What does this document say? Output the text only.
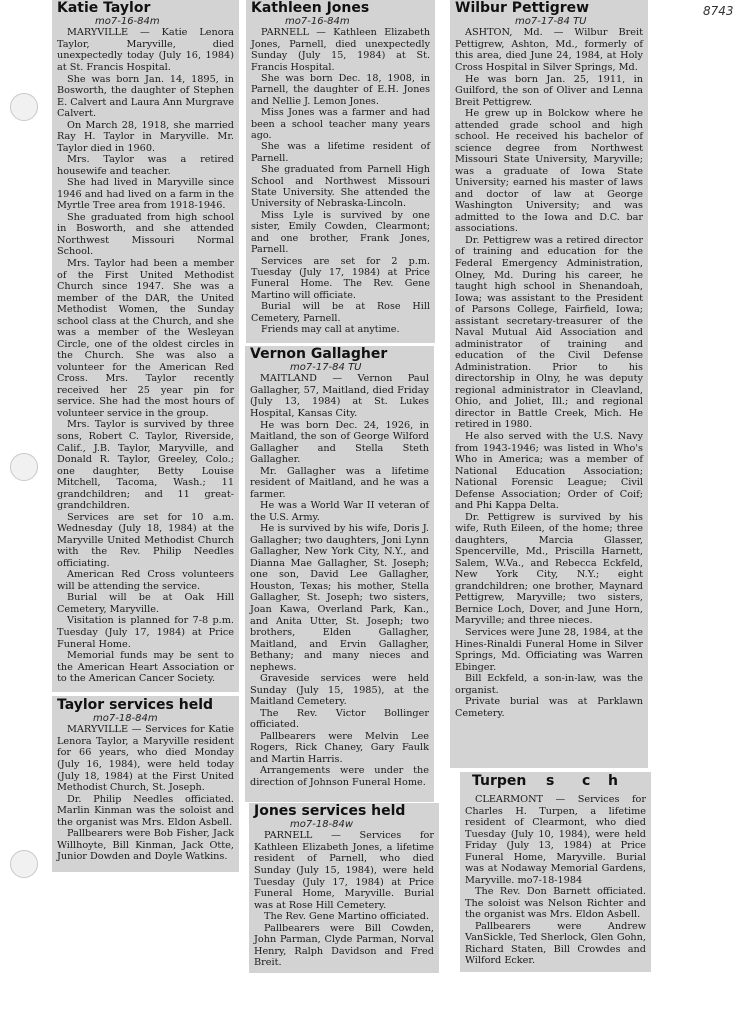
8743
Katie Taylor
mo7-16-84m

MARYVILLE — Katie Lenora Taylor, Maryville, died unexpectedly today (July 16, 1984) at St. Francis Hospital.

She was born Jan. 14, 1895, in Bosworth, the daughter of Stephen E. Calvert and Laura Ann Murgrave Calvert.

On March 28, 1918, she married Ray H. Taylor in Maryville. Mr. Taylor died in 1960.

Mrs. Taylor was a retired housewife and teacher.

She had lived in Maryville since 1946 and had lived on a farm in the Myrtle Tree area from 1918-1946.

She graduated from high school in Bosworth, and she attended Northwest Missouri Normal School.

Mrs. Taylor had been a member of the First United Methodist Church since 1947. She was a member of the DAR, the United Methodist Women, the Sunday school class at the Church, and she was a member of the Wesleyan Circle, one of the oldest circles in the Church. She was also a volunteer for the American Red Cross. Mrs. Taylor recently received her 25 year pin for service. She had the most hours of volunteer service in the group.

Mrs. Taylor is survived by three sons, Robert C. Taylor, Riverside, Calif., J.B. Taylor, Maryville, and Donald R. Taylor, Greeley, Colo.; one daughter, Betty Louise Mitchell, Tacoma, Wash.; 11 grandchildren; and 11 great-grandchildren.

Services are set for 10 a.m. Wednesday (July 18, 1984) at the Maryville United Methodist Church with the Rev. Philip Needles officiating.

American Red Cross volunteers will be attending the service.

Burial will be at Oak Hill Cemetery, Maryville.

Visitation is planned for 7-8 p.m. Tuesday (July 17, 1984) at Price Funeral Home.

Memorial funds may be sent to the American Heart Association or to the American Cancer Society.

Taylor services held
mo7-18-84m

MARYVILLE — Services for Katie Lenora Taylor, a Maryville resident for 66 years, who died Monday (July 16, 1984), were held today (July 18, 1984) at the First United Methodist Church, St. Joseph.

Dr. Philip Needles officiated. Marlin Kinman was the soloist and the organist was Mrs. Eldon Asbell.

Pallbearers were Bob Fisher, Jack Willhoyte, Bill Kinman, Jack Otte, Junior Dowden and Doyle Watkins.

Kathleen Jones
mo7-16-84m

PARNELL — Kathleen Elizabeth Jones, Parnell, died unexpectedly Sunday (July 15, 1984) at St. Francis Hospital.

She was born Dec. 18, 1908, in Parnell, the daughter of E.H. Jones and Nellie J. Lemon Jones.

Miss Jones was a farmer and had been a school teacher many years ago.

She was a lifetime resident of Parnell.

She graduated from Parnell High School and Northwest Missouri State University. She attended the University of Nebraska-Lincoln.

Miss Lyle is survived by one sister, Emily Cowden, Clearmont; and one brother, Frank Jones, Parnell.

Services are set for 2 p.m. Tuesday (July 17, 1984) at Price Funeral Home. The Rev. Gene Martino will officiate.

Burial will be at Rose Hill Cemetery, Parnell.

Friends may call at anytime.

Vernon Gallagher
mo7-17-84 TU

MAITLAND — Vernon Paul Gallagher, 57, Maitland, died Friday (July 13, 1984) at St. Lukes Hospital, Kansas City.

He was born Dec. 24, 1926, in Maitland, the son of George Wilford Gallagher and Stella Steth Gallagher.

Mr. Gallagher was a lifetime resident of Maitland, and he was a farmer.

He was a World War II veteran of the U.S. Army.

He is survived by his wife, Doris J. Gallagher; two daughters, Joni Lynn Gallagher, New York City, N.Y., and Dianna Mae Gallagher, St. Joseph; one son, David Lee Gallagher, Houston, Texas; his mother, Stella Gallagher, St. Joseph; two sisters, Joan Kawa, Overland Park, Kan., and Anita Utter, St. Joseph; two brothers, Elden Gallagher, Maitland, and Ervin Gallagher, Bethany; and many nieces and nephews.

Graveside services were held Sunday (July 15, 1985), at the Maitland Cemetery.

The Rev. Victor Bollinger officiated.

Pallbearers were Melvin Lee Rogers, Rick Chaney, Gary Faulk and Martin Harris.

Arrangements were under the direction of Johnson Funeral Home.

Jones services held
mo7-18-84w

PARNELL — Services for Kathleen Elizabeth Jones, a lifetime resident of Parnell, who died Sunday (July 15, 1984), were held Tuesday (July 17, 1984) at Price Funeral Home, Maryville. Burial was at Rose Hill Cemetery.

The Rev. Gene Martino officiated.

Pallbearers were Bill Cowden, John Parman, Clyde Parman, Norval Henry, Ralph Davidson and Fred Breit.

Wilbur Pettigrew
mo7-17-84 TU

ASHTON, Md. — Wilbur Breit Pettigrew, Ashton, Md., formerly of this area, died June 24, 1984, at Holy Cross Hospital in Silver Springs, Md.

He was born Jan. 25, 1911, in Guilford, the son of Oliver and Lenna Breit Pettigrew.

He grew up in Bolckow where he attended grade school and high school. He received his bachelor of science degree from Northwest Missouri State University, Maryville; was a graduate of Iowa State University; earned his master of laws and doctor of law at George Washington University; and was admitted to the Iowa and D.C. bar associations.

Dr. Pettigrew was a retired director of training and education for the Federal Emergency Administration, Olney, Md. During his career, he taught high school in Shenandoah, Iowa; was assistant to the President of Parsons College, Fairfield, Iowa; assistant secretary-treasurer of the Naval Mutual Aid Association and administrator of training and education of the Civil Defense Administration. Prior to his directorship in Olny, he was deputy regional administrator in Cleavland, Ohio, and Joliet, Ill.; and regional director in Battle Creek, Mich. He retired in 1980.

He also served with the U.S. Navy from 1943-1946; was listed in Who's Who in America; was a member of National Education Association; National Forensic League; Civil Defense Association; Order of Coif; and Phi Kappa Delta.

Dr. Pettigrew is survived by his wife, Ruth Eileen, of the home; three daughters, Marcia Glasser, Spencerville, Md., Priscilla Harnett, Salem, W.Va., and Rebecca Eckfeld, New York City, N.Y.; eight grandchildren; one brother, Maynard Pettigrew, Maryville; two sisters, Bernice Loch, Dover, and June Horn, Maryville; and three nieces.

Services were June 28, 1984, at the Hines-Rinaldi Funeral Home in Silver Springs, Md. Officiating was Warren Ebinger.

Bill Eckfeld, a son-in-law, was the organist.

Private burial was at Parklawn Cemetery.

Turpen s c h

CLEARMONT — Services for Charles H. Turpen, a lifetime resident of Clearmont, who died Tuesday (July 10, 1984), were held Friday (July 13, 1984) at Price Funeral Home, Maryville. Burial was at Nodaway Memorial Gardens, Maryville. mo7-18-1984

The Rev. Don Barnett officiated. The soloist was Nelson Richter and the organist was Mrs. Eldon Asbell.

Pallbearers were Andrew VanSickle, Ted Sherlock, Glen Gohn, Richard Staten, Bill Crowdes and Wilford Ecker.
